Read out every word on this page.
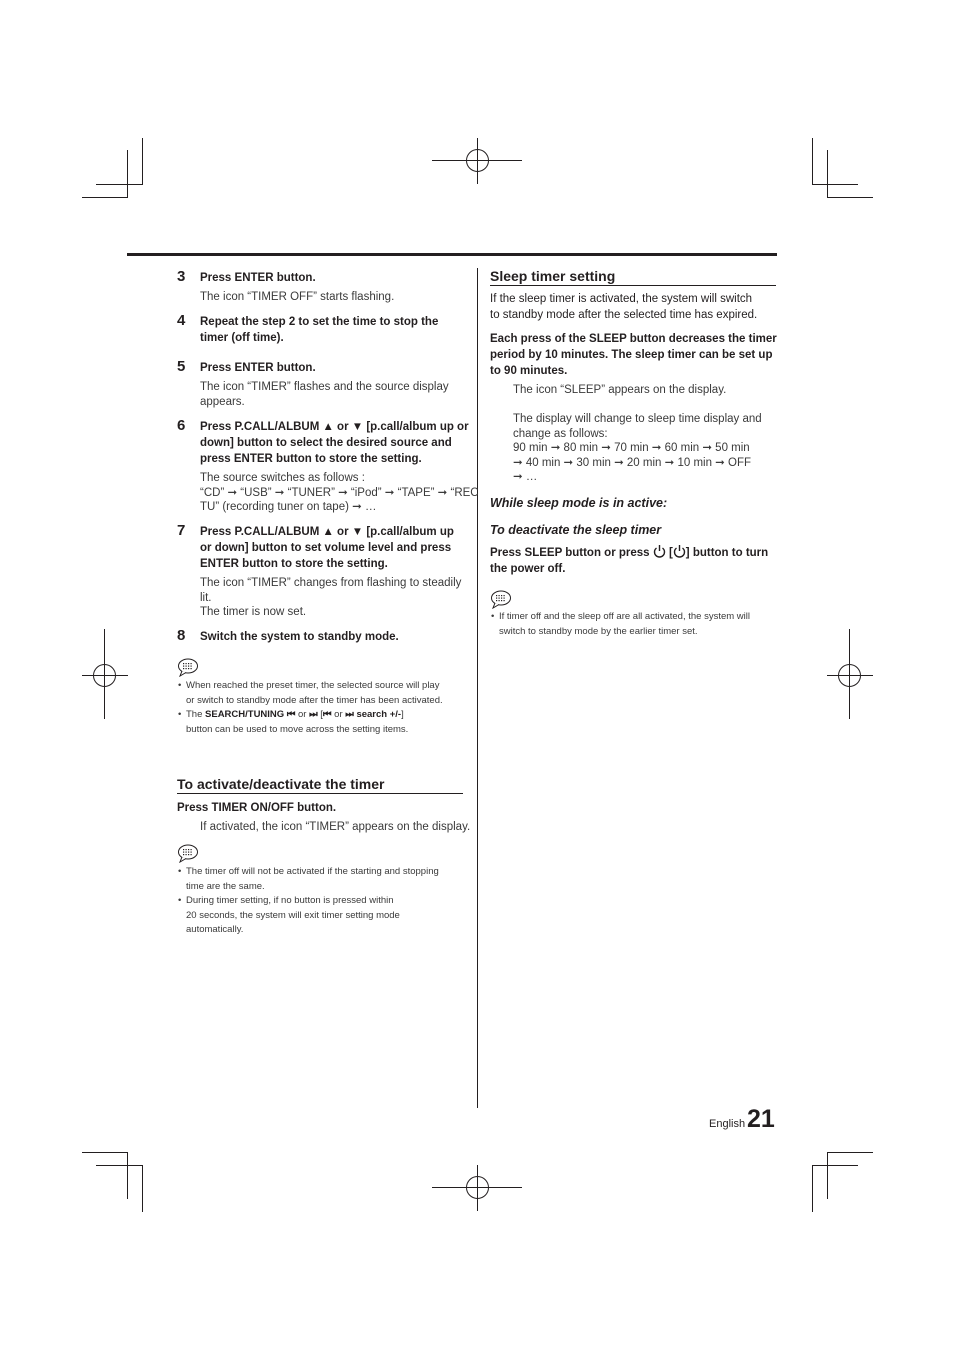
3 Press ENTER button.
The icon “TIMER OFF” starts flashing.
4 Repeat the step 2 to set the time to stop the
timer (off time).
5 Press ENTER button.
The icon “TIMER” flashes and the source display
appears.
6 Press P.CALL/ALBUM ▲ or ▼ [p.call/album up or
down] button to select the desired source and
press ENTER button to store the setting.
The source switches as follows :
“CD” ➞ “USB” ➞ “TUNER” ➞ “iPod” ➞ “TAPE” ➞ “REC
TU” (recording tuner on tape) ➞ …
7 Press P.CALL/ALBUM ▲ or ▼ [p.call/album up
or down] button to set volume level and press
ENTER button to store the setting.
The icon “TIMER” changes from flashing to steadily
lit.
The timer is now set.
8 Switch the system to standby mode.
• When reached the preset timer, the selected source will play
or switch to standby mode after the timer has been activated.
• The SEARCH/TUNING ⏮ or ⏭ [⏮ or ⏭ search +/-]
button can be used to move across the setting items.
To activate/deactivate the timer
Press TIMER ON/OFF button.
If activated, the icon “TIMER” appears on the display.
• The timer off will not be activated if the starting and stopping
time are the same.
• During timer setting, if no button is pressed within
20 seconds, the system will exit timer setting mode
automatically.
Sleep timer setting
If the sleep timer is activated, the system will switch
to standby mode after the selected time has expired.
Each press of the SLEEP button decreases the timer
period by 10 minutes. The sleep timer can be set up
to 90 minutes.
The icon “SLEEP” appears on the display.
The display will change to sleep time display and
change as follows:
90 min ➞ 80 min ➞ 70 min ➞ 60 min ➞ 50 min
➞ 40 min ➞ 30 min ➞ 20 min ➞ 10 min ➞ OFF
➞ …
While sleep mode is in active:
To deactivate the sleep timer
Press SLEEP button or press  [ ] button to turn
the power off.
• If timer off and the sleep off are all activated, the system will
switch to standby mode by the earlier timer set.
English 21
